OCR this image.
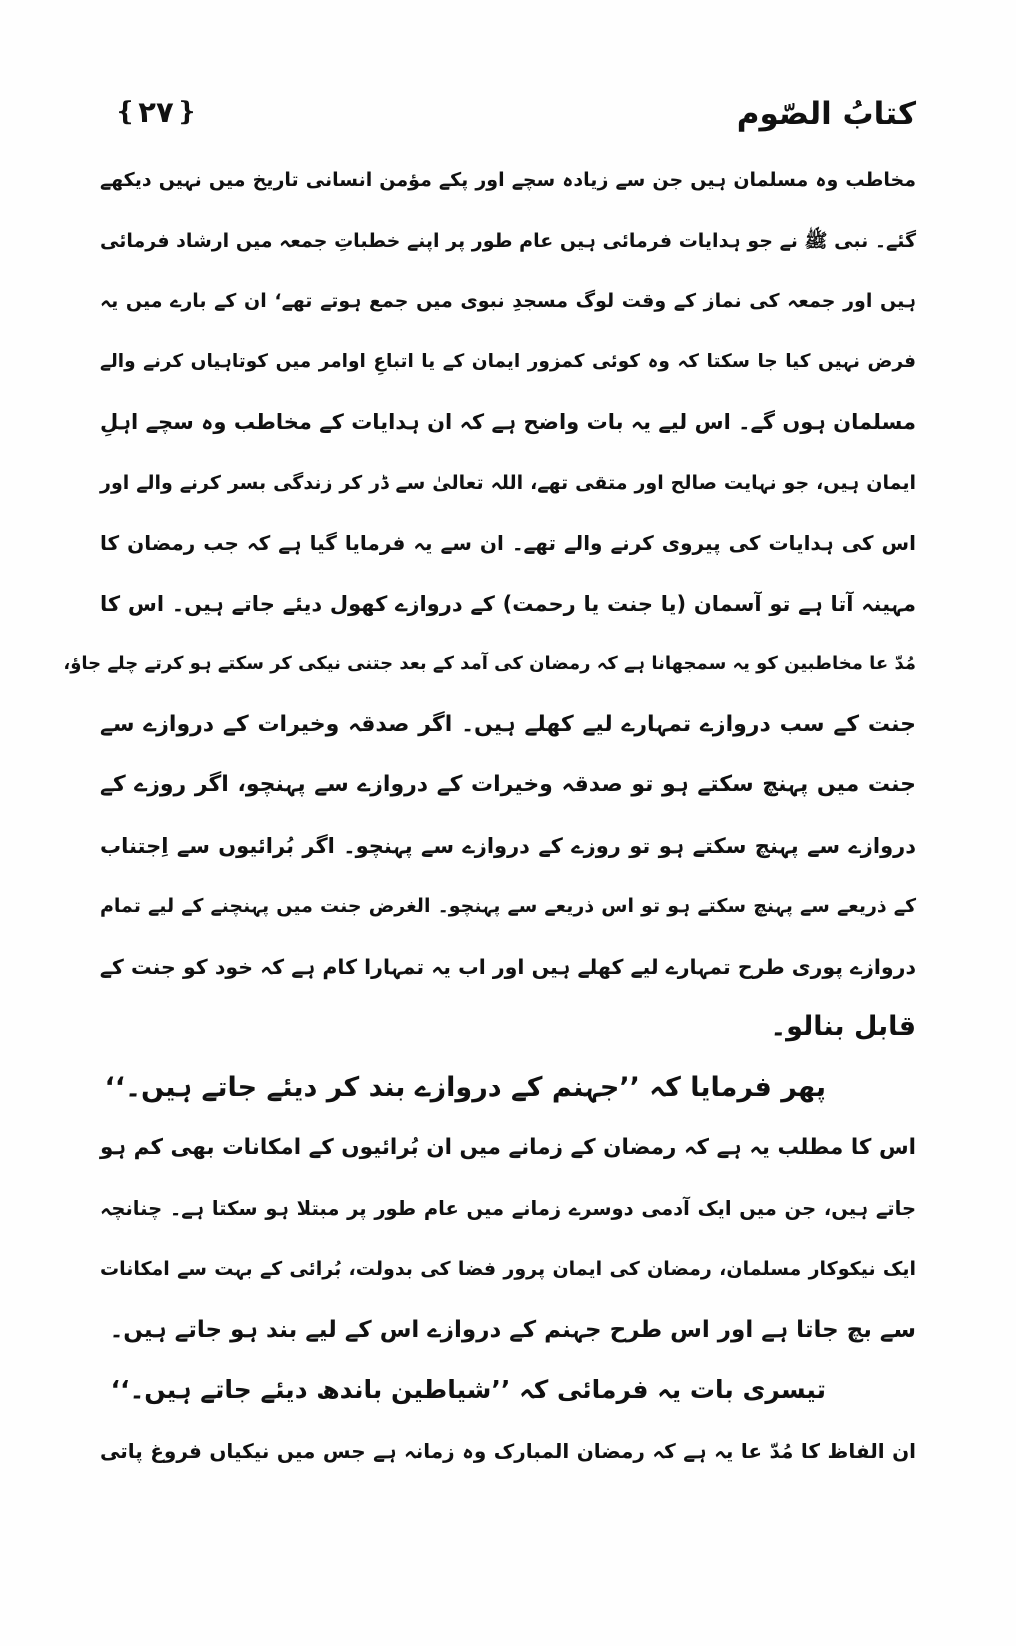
کتابُ الصّوم
❴ ۲۷ ❵
مخاطب وہ مسلمان ہیں جن سے زیادہ سچے اور پکے مؤمن انسانی تاریخ میں نہیں دیکھے
گئے۔ نبی ﷺ نے جو ہدایات فرمائی ہیں عام طور پر اپنے خطباتِ جمعہ میں ارشاد فرمائی
ہیں اور جمعہ کی نماز کے وقت لوگ مسجدِ نبوی میں جمع ہوتے تھے‘ ان کے بارے میں یہ
فرض نہیں کیا جا سکتا کہ وہ کوئی کمزور ایمان کے یا اتباعِ اوامر میں کوتاہیاں کرنے والے
مسلمان ہوں گے۔ اس لیے یہ بات واضح ہے کہ ان ہدایات کے مخاطب وہ سچے اہلِ
ایمان ہیں، جو نہایت صالح اور متقی تھے، اللہ تعالیٰ سے ڈر کر زندگی بسر کرنے والے اور
اس کی ہدایات کی پیروی کرنے والے تھے۔ ان سے یہ فرمایا گیا ہے کہ جب رمضان کا
مہینہ آتا ہے تو آسمان (یا جنت یا رحمت) کے دروازے کھول دیئے جاتے ہیں۔ اس کا
مُدّ عا مخاطبین کو یہ سمجھانا ہے کہ رمضان کی آمد کے بعد جتنی نیکی کر سکتے ہو کرتے چلے جاؤ،
جنت کے سب دروازے تمہارے لیے کھلے ہیں۔ اگر صدقہ وخیرات کے دروازے سے
جنت میں پہنچ سکتے ہو تو صدقہ وخیرات کے دروازے سے پہنچو، اگر روزے کے
دروازے سے پہنچ سکتے ہو تو روزے کے دروازے سے پہنچو۔ اگر بُرائیوں سے اِجتناب
کے ذریعے سے پہنچ سکتے ہو تو اس ذریعے سے پہنچو۔ الغرض جنت میں پہنچنے کے لیے تمام
دروازے پوری طرح تمہارے لیے کھلے ہیں اور اب یہ تمہارا کام ہے کہ خود کو جنت کے
قابل بنالو۔
پھر فرمایا کہ ’’جہنم کے دروازے بند کر دیئے جاتے ہیں۔‘‘
اس کا مطلب یہ ہے کہ رمضان کے زمانے میں ان بُرائیوں کے امکانات بھی کم ہو
جاتے ہیں، جن میں ایک آدمی دوسرے زمانے میں عام طور پر مبتلا ہو سکتا ہے۔ چنانچہ
ایک نیکوکار مسلمان، رمضان کی ایمان پرور فضا کی بدولت، بُرائی کے بہت سے امکانات
سے بچ جاتا ہے اور اس طرح جہنم کے دروازے اس کے لیے بند ہو جاتے ہیں۔
تیسری بات یہ فرمائی کہ ’’شیاطین باندھ دیئے جاتے ہیں۔‘‘
ان الفاظ کا مُدّ عا یہ ہے کہ رمضان المبارک وہ زمانہ ہے جس میں نیکیاں فروغ پاتی
